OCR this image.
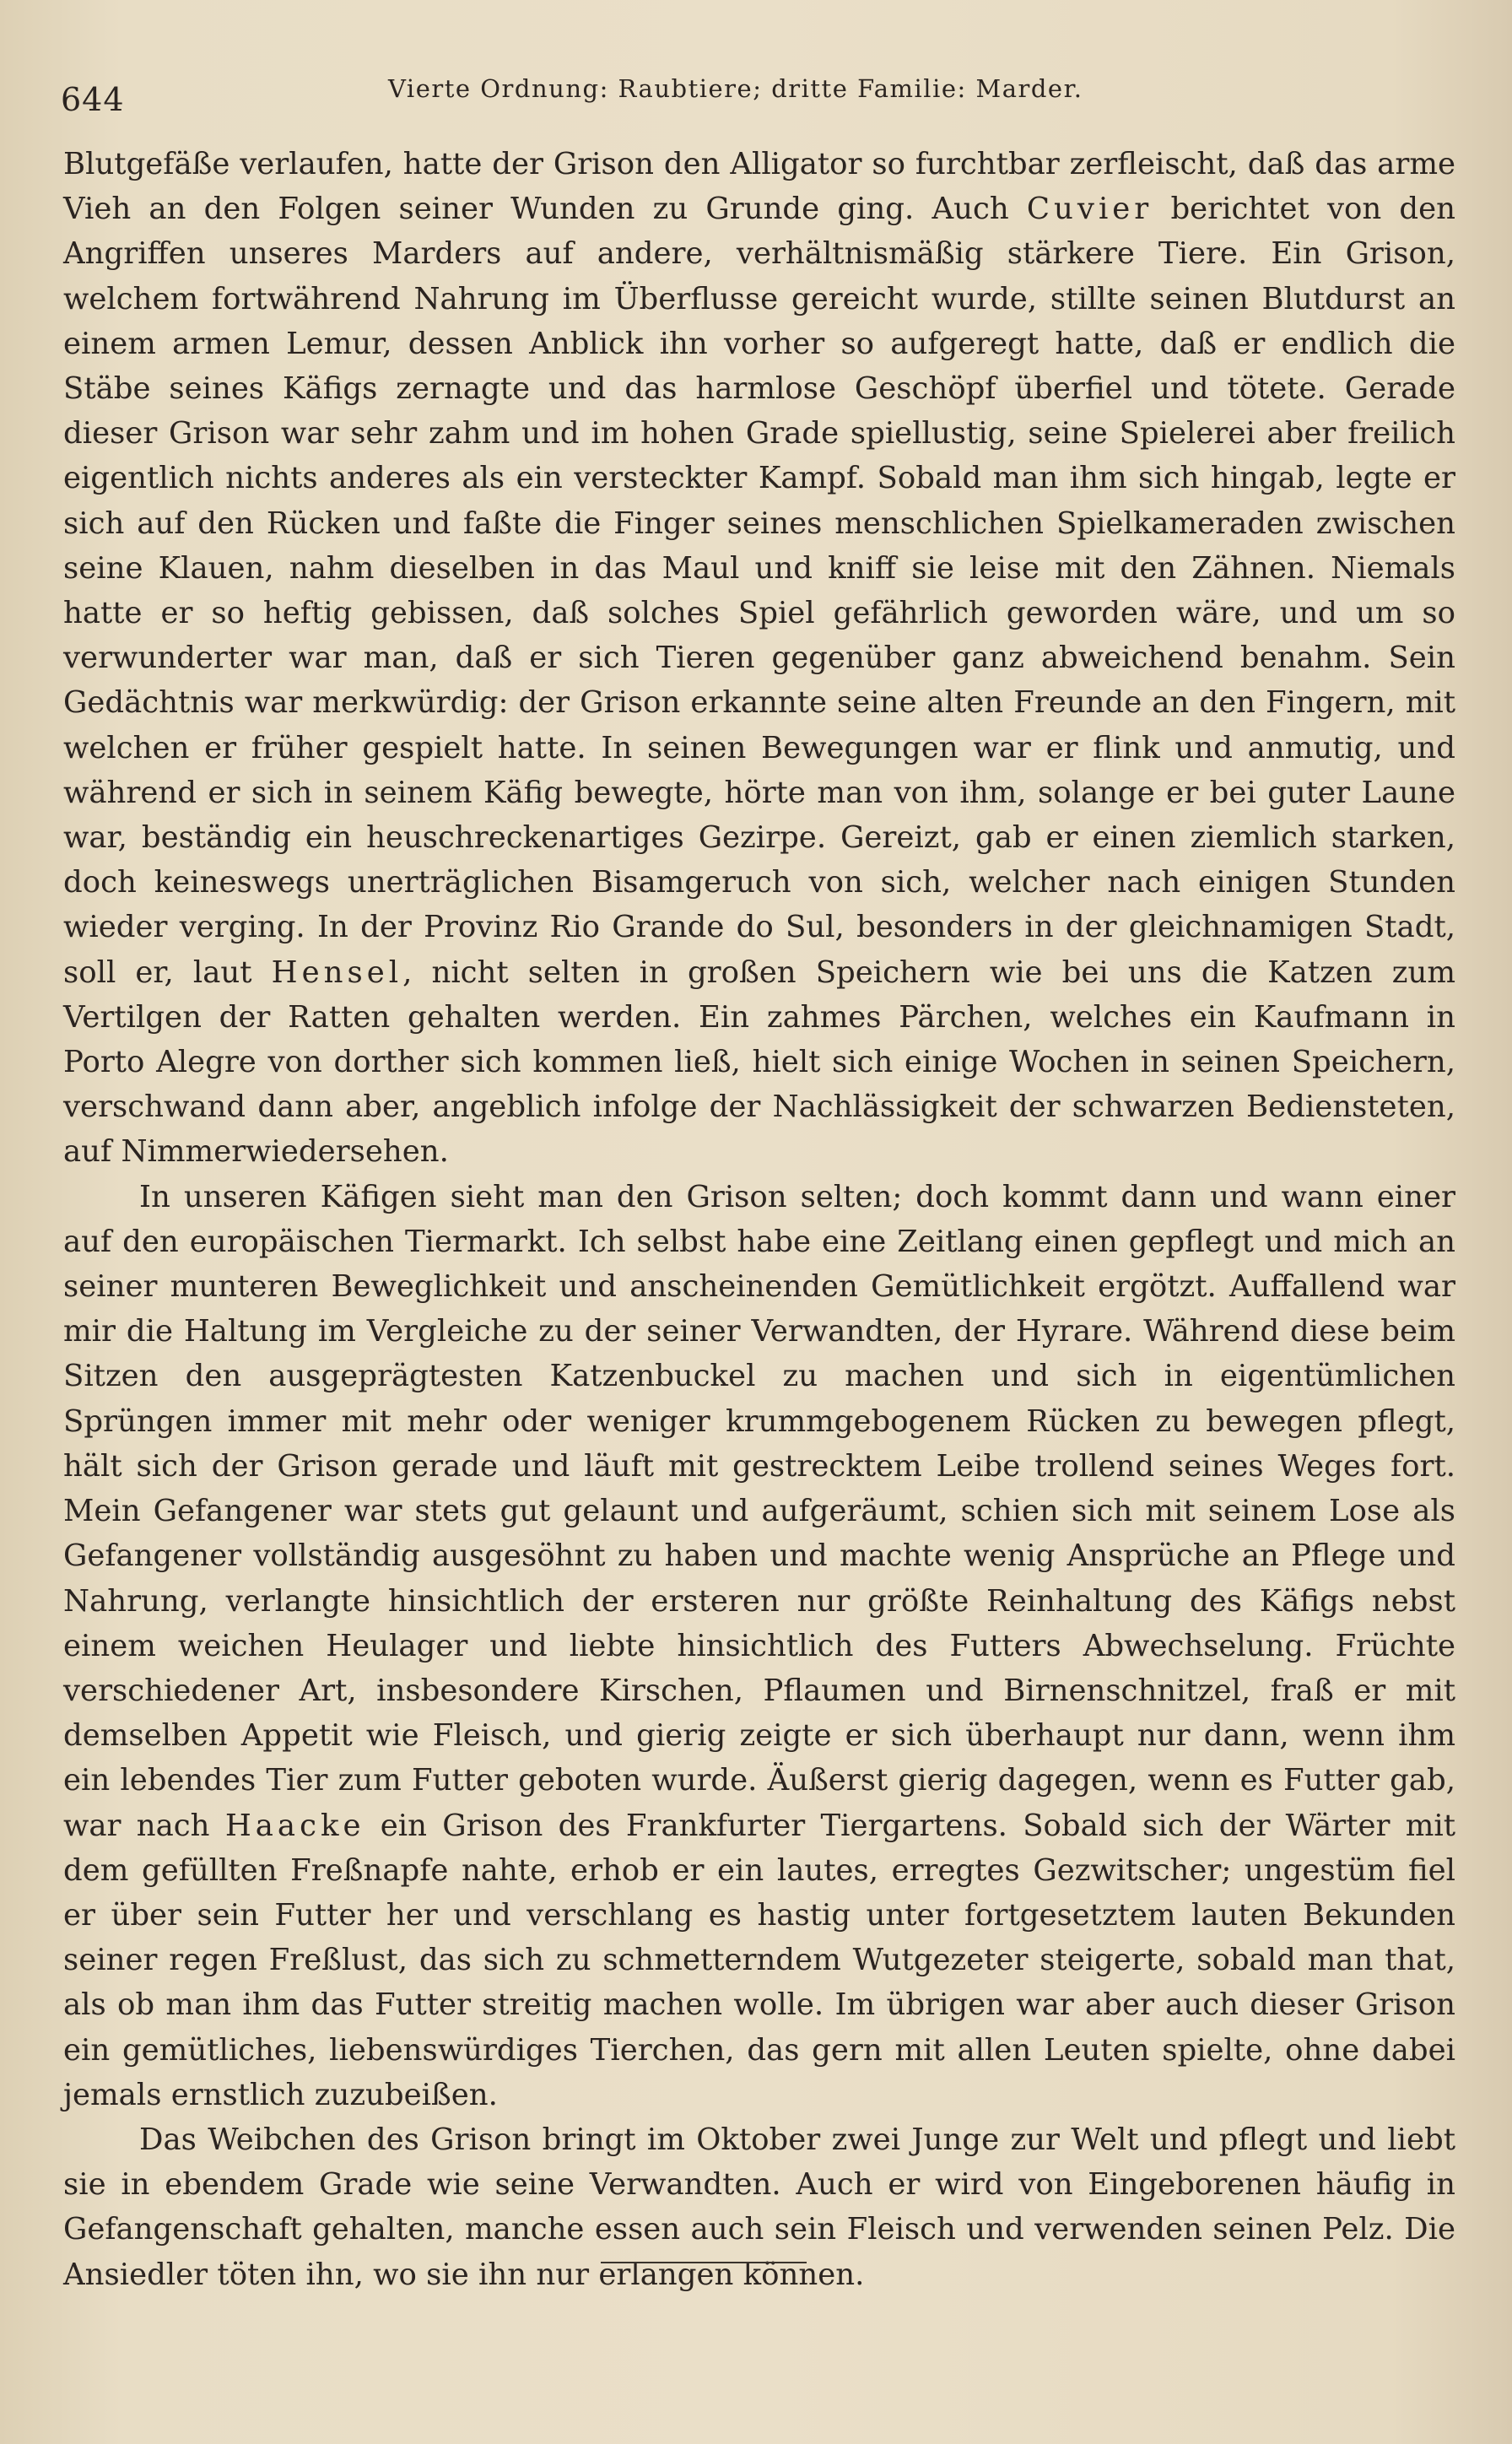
644	Vierte Ordnung: Raubtiere; dritte Familie: Marder.

Blutgefäße verlaufen, hatte der Grison den Alligator so furchtbar zerfleischt, daß das arme Vieh an den Folgen seiner Wunden zu Grunde ging. Auch Cuvier berichtet von den Angriffen unseres Marders auf andere, verhältnismäßig stärkere Tiere. Ein Grison, welchem fortwährend Nahrung im Überflusse gereicht wurde, stillte seinen Blutdurst an einem armen Lemur, dessen Anblick ihn vorher so aufgeregt hatte, daß er endlich die Stäbe seines Käfigs zernagte und das harmlose Geschöpf überfiel und tötete. Gerade dieser Grison war sehr zahm und im hohen Grade spiellustig, seine Spielerei aber freilich eigentlich nichts anderes als ein versteckter Kampf. Sobald man ihm sich hingab, legte er sich auf den Rücken und faßte die Finger seines menschlichen Spielkameraden zwischen seine Klauen, nahm dieselben in das Maul und kniff sie leise mit den Zähnen. Niemals hatte er so heftig gebissen, daß solches Spiel gefährlich geworden wäre, und um so verwunderter war man, daß er sich Tieren gegenüber ganz abweichend benahm. Sein Gedächtnis war merkwürdig: der Grison erkannte seine alten Freunde an den Fingern, mit welchen er früher gespielt hatte. In seinen Bewegungen war er flink und anmutig, und während er sich in seinem Käfig bewegte, hörte man von ihm, solange er bei guter Laune war, beständig ein heuschreckenartiges Gezirpe. Gereizt, gab er einen ziemlich starken, doch keineswegs unerträglichen Bisamgeruch von sich, welcher nach einigen Stunden wieder verging. In der Provinz Rio Grande do Sul, besonders in der gleichnamigen Stadt, soll er, laut Hensel, nicht selten in großen Speichern wie bei uns die Katzen zum Vertilgen der Ratten gehalten werden. Ein zahmes Pärchen, welches ein Kaufmann in Porto Alegre von dorther sich kommen ließ, hielt sich einige Wochen in seinen Speichern, verschwand dann aber, angeblich infolge der Nachlässigkeit der schwarzen Bediensteten, auf Nimmerwiedersehen.

In unseren Käfigen sieht man den Grison selten; doch kommt dann und wann einer auf den europäischen Tiermarkt. Ich selbst habe eine Zeitlang einen gepflegt und mich an seiner munteren Beweglichkeit und anscheinenden Gemütlichkeit ergötzt. Auffallend war mir die Haltung im Vergleiche zu der seiner Verwandten, der Hyrare. Während diese beim Sitzen den ausgeprägtesten Katzenbuckel zu machen und sich in eigentümlichen Sprüngen immer mit mehr oder weniger krummgebogenem Rücken zu bewegen pflegt, hält sich der Grison gerade und läuft mit gestrecktem Leibe trollend seines Weges fort. Mein Gefangener war stets gut gelaunt und aufgeräumt, schien sich mit seinem Lose als Gefangener vollständig ausgesöhnt zu haben und machte wenig Ansprüche an Pflege und Nahrung, verlangte hinsichtlich der ersteren nur größte Reinhaltung des Käfigs nebst einem weichen Heulager und liebte hinsichtlich des Futters Abwechselung. Früchte verschiedener Art, insbesondere Kirschen, Pflaumen und Birnenschnitzel, fraß er mit demselben Appetit wie Fleisch, und gierig zeigte er sich überhaupt nur dann, wenn ihm ein lebendes Tier zum Futter geboten wurde. Äußerst gierig dagegen, wenn es Futter gab, war nach Haacke ein Grison des Frankfurter Tiergartens. Sobald sich der Wärter mit dem gefüllten Freßnapfe nahte, erhob er ein lautes, erregtes Gezwitscher; ungestüm fiel er über sein Futter her und verschlang es hastig unter fortgesetztem lauten Bekunden seiner regen Freßlust, das sich zu schmetterndem Wutgezeter steigerte, sobald man that, als ob man ihm das Futter streitig machen wolle. Im übrigen war aber auch dieser Grison ein gemütliches, liebenswürdiges Tierchen, das gern mit allen Leuten spielte, ohne dabei jemals ernstlich zuzubeißen.

Das Weibchen des Grison bringt im Oktober zwei Junge zur Welt und pflegt und liebt sie in ebendem Grade wie seine Verwandten. Auch er wird von Eingeborenen häufig in Gefangenschaft gehalten, manche essen auch sein Fleisch und verwenden seinen Pelz. Die Ansiedler töten ihn, wo sie ihn nur erlangen können.
